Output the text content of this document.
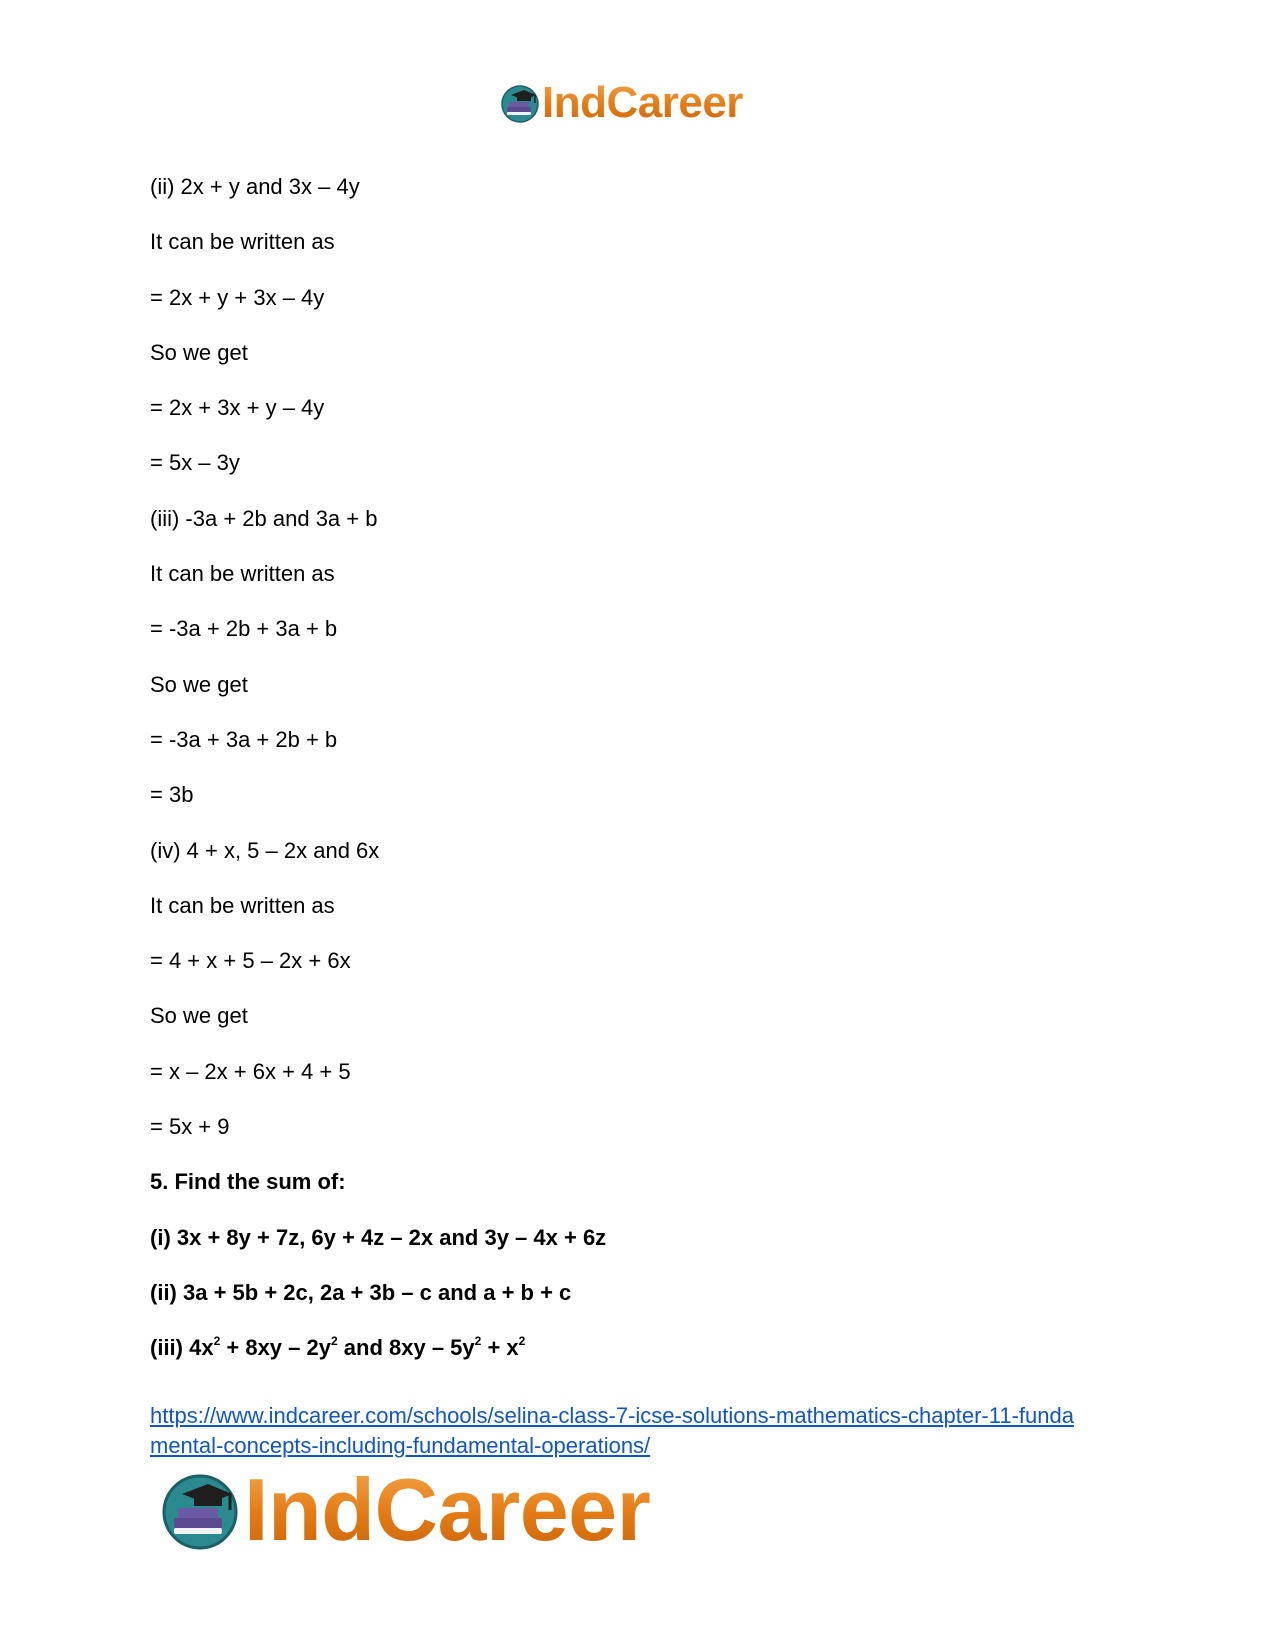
IndCareer
(ii) 2x + y and 3x – 4y
It can be written as
= 2x + y + 3x – 4y
So we get
= 2x + 3x + y – 4y
= 5x – 3y
(iii) -3a + 2b and 3a + b
It can be written as
= -3a + 2b + 3a + b
So we get
= -3a + 3a + 2b + b
= 3b
(iv) 4 + x, 5 – 2x and 6x
It can be written as
= 4 + x + 5 – 2x + 6x
So we get
= x – 2x + 6x + 4 + 5
= 5x + 9
5. Find the sum of:
(i) 3x + 8y + 7z, 6y + 4z – 2x and 3y – 4x + 6z
(ii) 3a + 5b + 2c, 2a + 3b – c and a + b + c
(iii) $4x^2 + 8xy - 2y^2$ and $8xy - 5y^2 + x^2$
https://www.indcareer.com/schools/selina-class-7-icse-solutions-mathematics-chapter-11-funda
mental-concepts-including-fundamental-operations/
IndCareer
